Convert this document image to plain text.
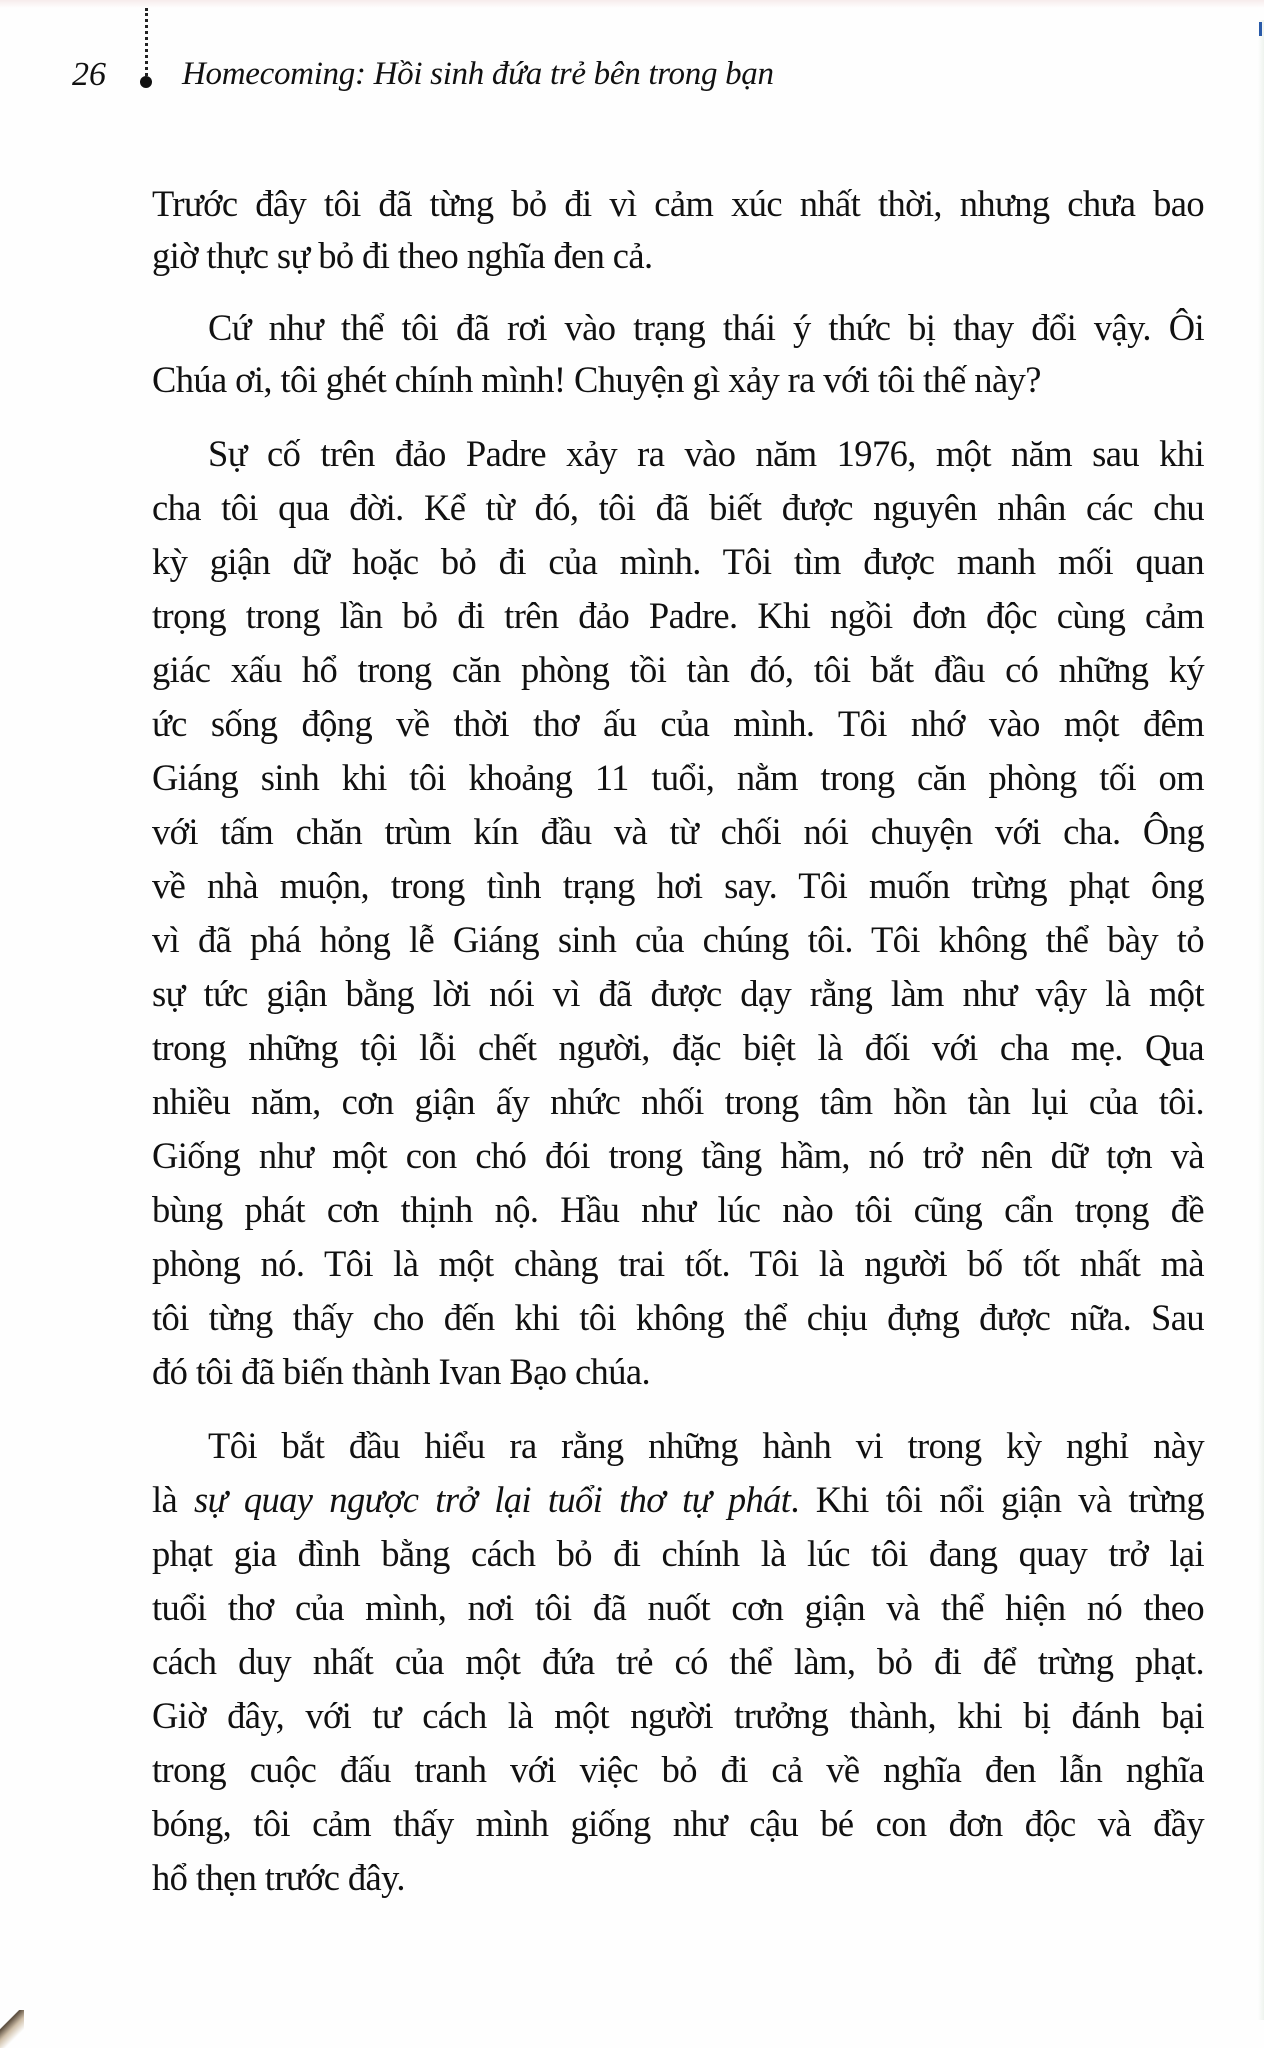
26 Homecoming: Hồi sinh đứa trẻ bên trong bạn
Trước đây tôi đã từng bỏ đi vì cảm xúc nhất thời, nhưng chưa bao
giờ thực sự bỏ đi theo nghĩa đen cả.
Cứ như thể tôi đã rơi vào trạng thái ý thức bị thay đổi vậy. Ôi
Chúa ơi, tôi ghét chính mình! Chuyện gì xảy ra với tôi thế này?
Sự cố trên đảo Padre xảy ra vào năm 1976, một năm sau khi
cha tôi qua đời. Kể từ đó, tôi đã biết được nguyên nhân các chu
kỳ giận dữ hoặc bỏ đi của mình. Tôi tìm được manh mối quan
trọng trong lần bỏ đi trên đảo Padre. Khi ngồi đơn độc cùng cảm
giác xấu hổ trong căn phòng tồi tàn đó, tôi bắt đầu có những ký
ức sống động về thời thơ ấu của mình. Tôi nhớ vào một đêm
Giáng sinh khi tôi khoảng 11 tuổi, nằm trong căn phòng tối om
với tấm chăn trùm kín đầu và từ chối nói chuyện với cha. Ông
về nhà muộn, trong tình trạng hơi say. Tôi muốn trừng phạt ông
vì đã phá hỏng lễ Giáng sinh của chúng tôi. Tôi không thể bày tỏ
sự tức giận bằng lời nói vì đã được dạy rằng làm như vậy là một
trong những tội lỗi chết người, đặc biệt là đối với cha mẹ. Qua
nhiều năm, cơn giận ấy nhức nhối trong tâm hồn tàn lụi của tôi.
Giống như một con chó đói trong tầng hầm, nó trở nên dữ tợn và
bùng phát cơn thịnh nộ. Hầu như lúc nào tôi cũng cẩn trọng đề
phòng nó. Tôi là một chàng trai tốt. Tôi là người bố tốt nhất mà
tôi từng thấy cho đến khi tôi không thể chịu đựng được nữa. Sau
đó tôi đã biến thành Ivan Bạo chúa.
Tôi bắt đầu hiểu ra rằng những hành vi trong kỳ nghỉ này
là sự quay ngược trở lại tuổi thơ tự phát. Khi tôi nổi giận và trừng
phạt gia đình bằng cách bỏ đi chính là lúc tôi đang quay trở lại
tuổi thơ của mình, nơi tôi đã nuốt cơn giận và thể hiện nó theo
cách duy nhất của một đứa trẻ có thể làm, bỏ đi để trừng phạt.
Giờ đây, với tư cách là một người trưởng thành, khi bị đánh bại
trong cuộc đấu tranh với việc bỏ đi cả về nghĩa đen lẫn nghĩa
bóng, tôi cảm thấy mình giống như cậu bé con đơn độc và đầy
hổ thẹn trước đây.
